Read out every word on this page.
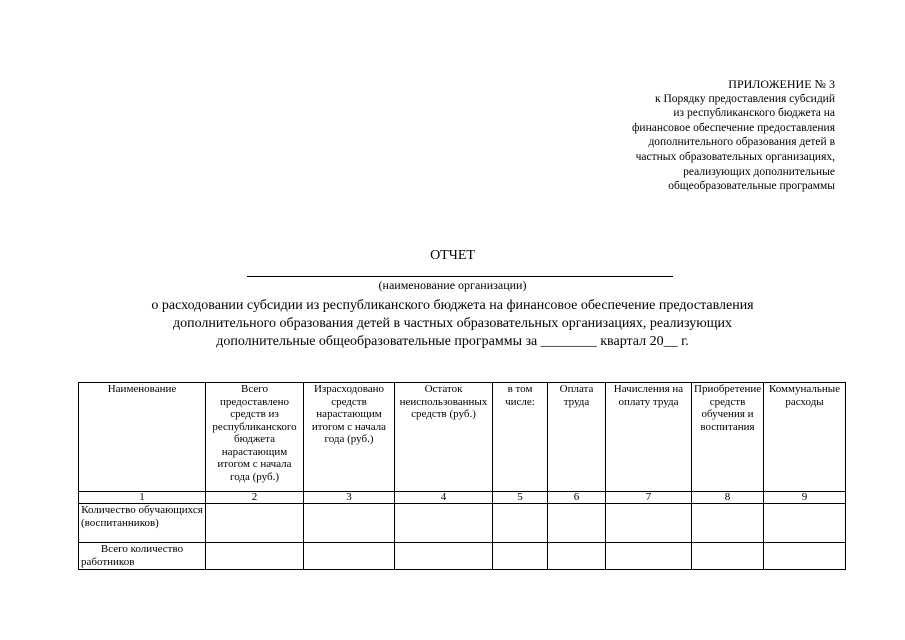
ПРИЛОЖЕНИЕ № 3
к Порядку предоставления субсидий
из республиканского бюджета на
финансовое обеспечение предоставления
дополнительного образования детей в
частных образовательных организациях,
реализующих дополнительные
общеобразовательные программы
ОТЧЕТ
(наименование организации)
о расходовании субсидии из республиканского бюджета на финансовое обеспечение предоставления
дополнительного образования детей в частных образовательных организациях, реализующих
дополнительные общеобразовательные программы за ________ квартал 20__ г.
Наименование	Всего предоставлено средств из республиканского бюджета нарастающим итогом с начала года (руб.)	Израсходовано средств нарастающим итогом с начала года (руб.)	Остаток неиспользованных средств (руб.)	в том числе:	Оплата труда	Начисления на оплату труда	Приобретение средств обучения и воспитания	Коммунальные расходы
1	2	3	4	5	6	7	8	9
Количество обучающихся (воспитанников)								
Всего количество работников								
